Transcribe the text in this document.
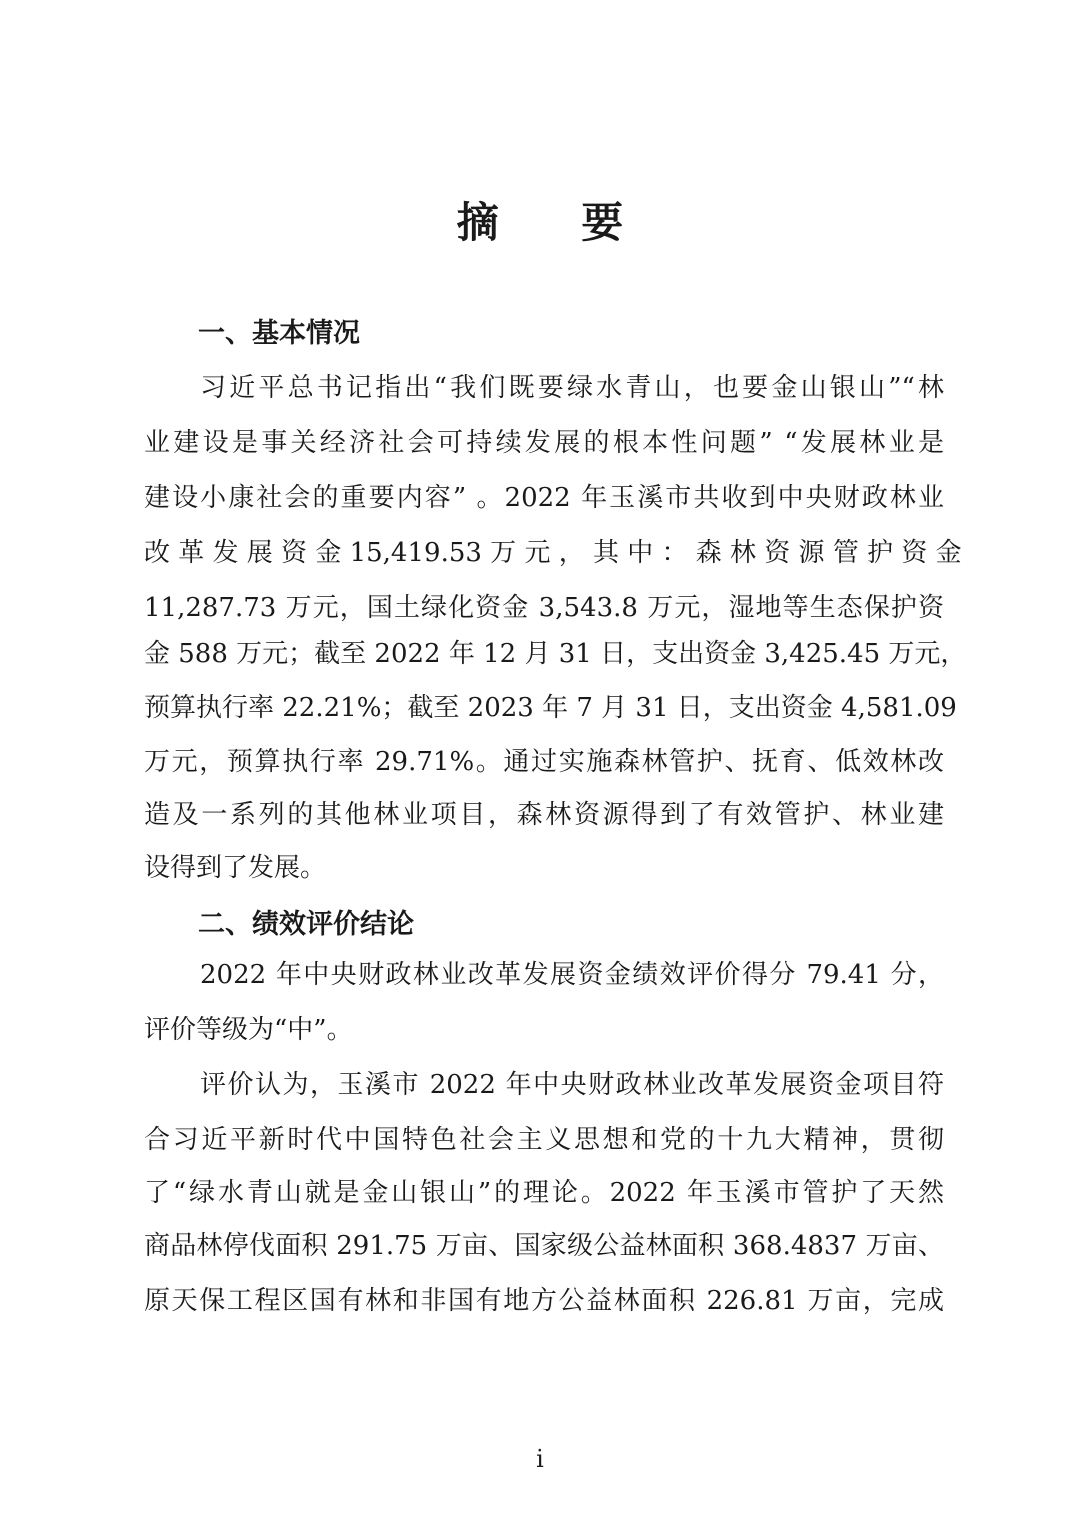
摘 要
一、基本情况
习近平总书记指出“我们既要绿水青山，也要金山银山”“林
业建设是事关经济社会可持续发展的根本性问题” “发展林业是
建设小康社会的重要内容” 。2022 年玉溪市共收到中央财政林业
改 革 发 展 资 金 15,419.53 万 元 ， 其 中 ： 森 林 资 源 管 护 资 金
11,287.73 万元，国土绿化资金 3,543.8 万元，湿地等生态保护资
金 588 万元；截至 2022 年 12 月 31 日，支出资金 3,425.45 万元，
预算执行率 22.21%；截至 2023 年 7 月 31 日，支出资金 4,581.09
万元，预算执行率 29.71%。通过实施森林管护、抚育、低效林改
造及一系列的其他林业项目，森林资源得到了有效管护、林业建
设得到了发展。
二、绩效评价结论
2022 年中央财政林业改革发展资金绩效评价得分 79.41 分，
评价等级为“中”。
评价认为，玉溪市 2022 年中央财政林业改革发展资金项目符
合习近平新时代中国特色社会主义思想和党的十九大精神，贯彻
了“绿水青山就是金山银山”的理论。2022 年玉溪市管护了天然
商品林停伐面积 291.75 万亩、国家级公益林面积 368.4837 万亩、
原天保工程区国有林和非国有地方公益林面积 226.81 万亩，完成
i
